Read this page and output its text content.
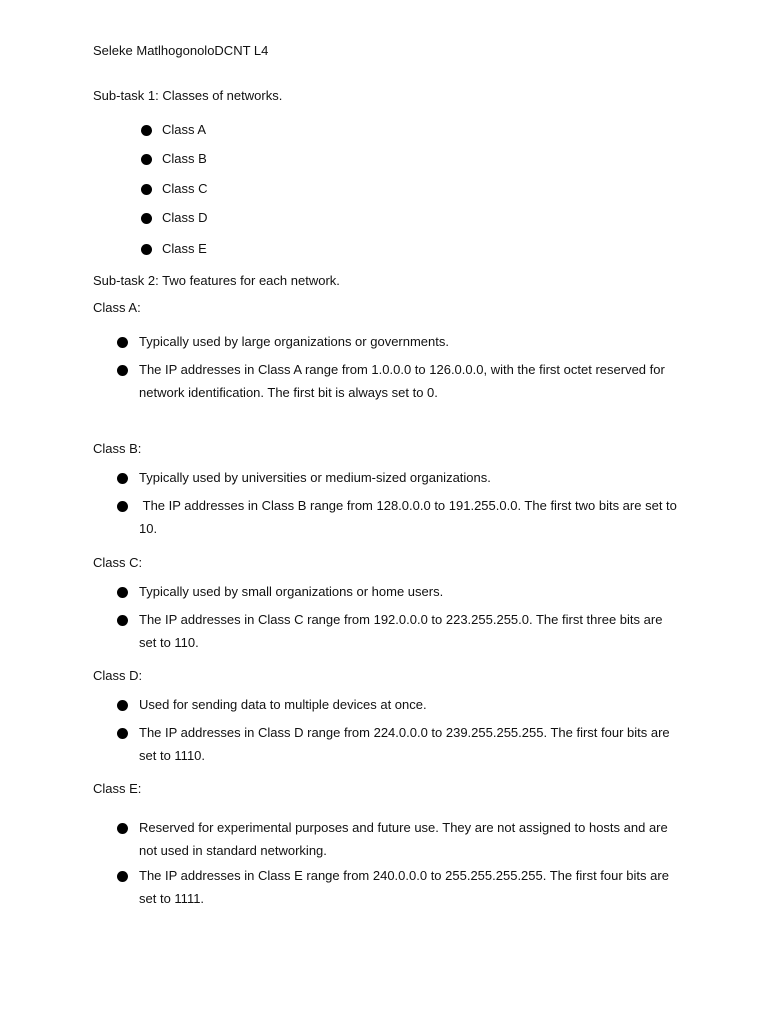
Seleke MatlhogonoloDCNT L4
Sub-task 1: Classes of networks.
Class A
Class B
Class C
Class D
Class E
Sub-task 2: Two features for each network.
Class A:
Typically used by large organizations or governments.
The IP addresses in Class A range from 1.0.0.0 to 126.0.0.0, with the first octet reserved for network identification. The first bit is always set to 0.
Class B:
Typically used by universities or medium-sized organizations.
The IP addresses in Class B range from 128.0.0.0 to 191.255.0.0. The first two bits are set to 10.
Class C:
Typically used by small organizations or home users.
The IP addresses in Class C range from 192.0.0.0 to 223.255.255.0. The first three bits are set to 110.
Class D:
Used for sending data to multiple devices at once.
The IP addresses in Class D range from 224.0.0.0 to 239.255.255.255. The first four bits are set to 1110.
Class E:
Reserved for experimental purposes and future use. They are not assigned to hosts and are not used in standard networking.
The IP addresses in Class E range from 240.0.0.0 to 255.255.255.255. The first four bits are set to 1111.
